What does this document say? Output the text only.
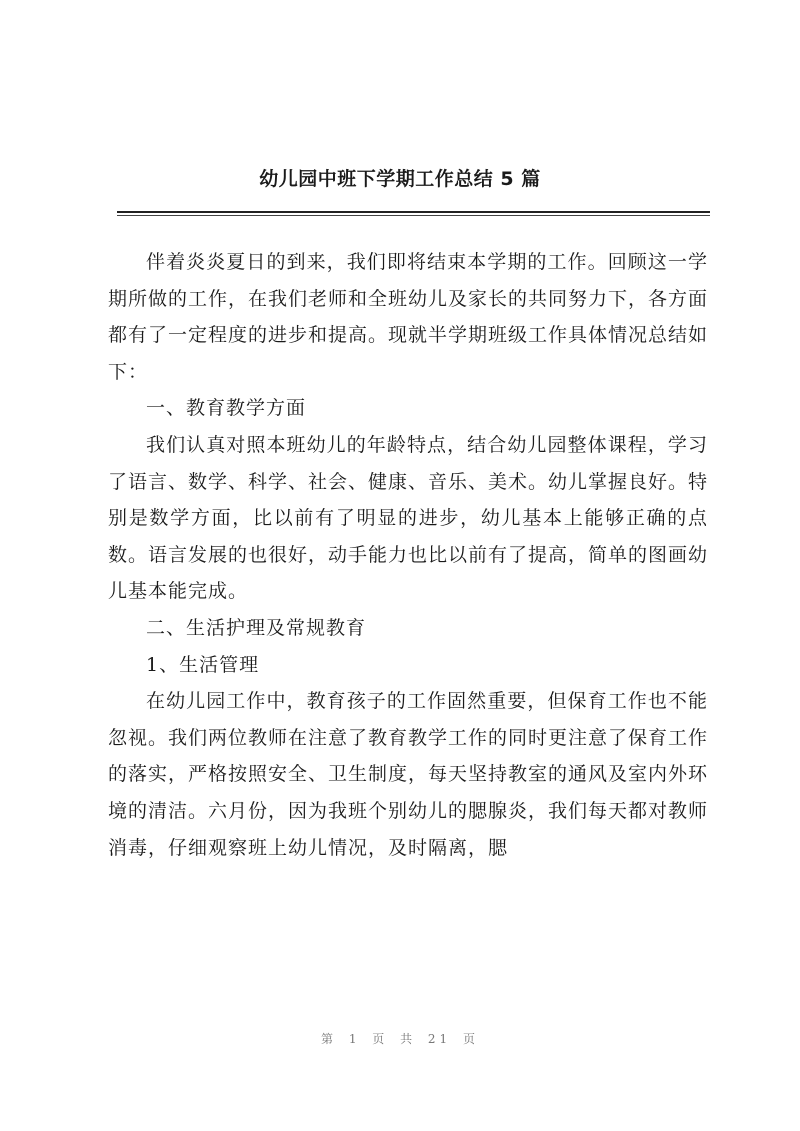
幼儿园中班下学期工作总结 5 篇

伴着炎炎夏日的到来，我们即将结束本学期的工作。回顾这一学期所做的工作，在我们老师和全班幼儿及家长的共同努力下，各方面都有了一定程度的进步和提高。现就半学期班级工作具体情况总结如下：

一、教育教学方面

我们认真对照本班幼儿的年龄特点，结合幼儿园整体课程，学习了语言、数学、科学、社会、健康、音乐、美术。幼儿掌握良好。特别是数学方面，比以前有了明显的进步，幼儿基本上能够正确的点数。语言发展的也很好，动手能力也比以前有了提高，简单的图画幼儿基本能完成。

二、生活护理及常规教育

1、生活管理

在幼儿园工作中，教育孩子的工作固然重要，但保育工作也不能忽视。我们两位教师在注意了教育教学工作的同时更注意了保育工作的落实，严格按照安全、卫生制度，每天坚持教室的通风及室内外环境的清洁。六月份，因为我班个别幼儿的腮腺炎，我们每天都对教师消毒，仔细观察班上幼儿情况，及时隔离，腮

第 1 页 共 21 页
